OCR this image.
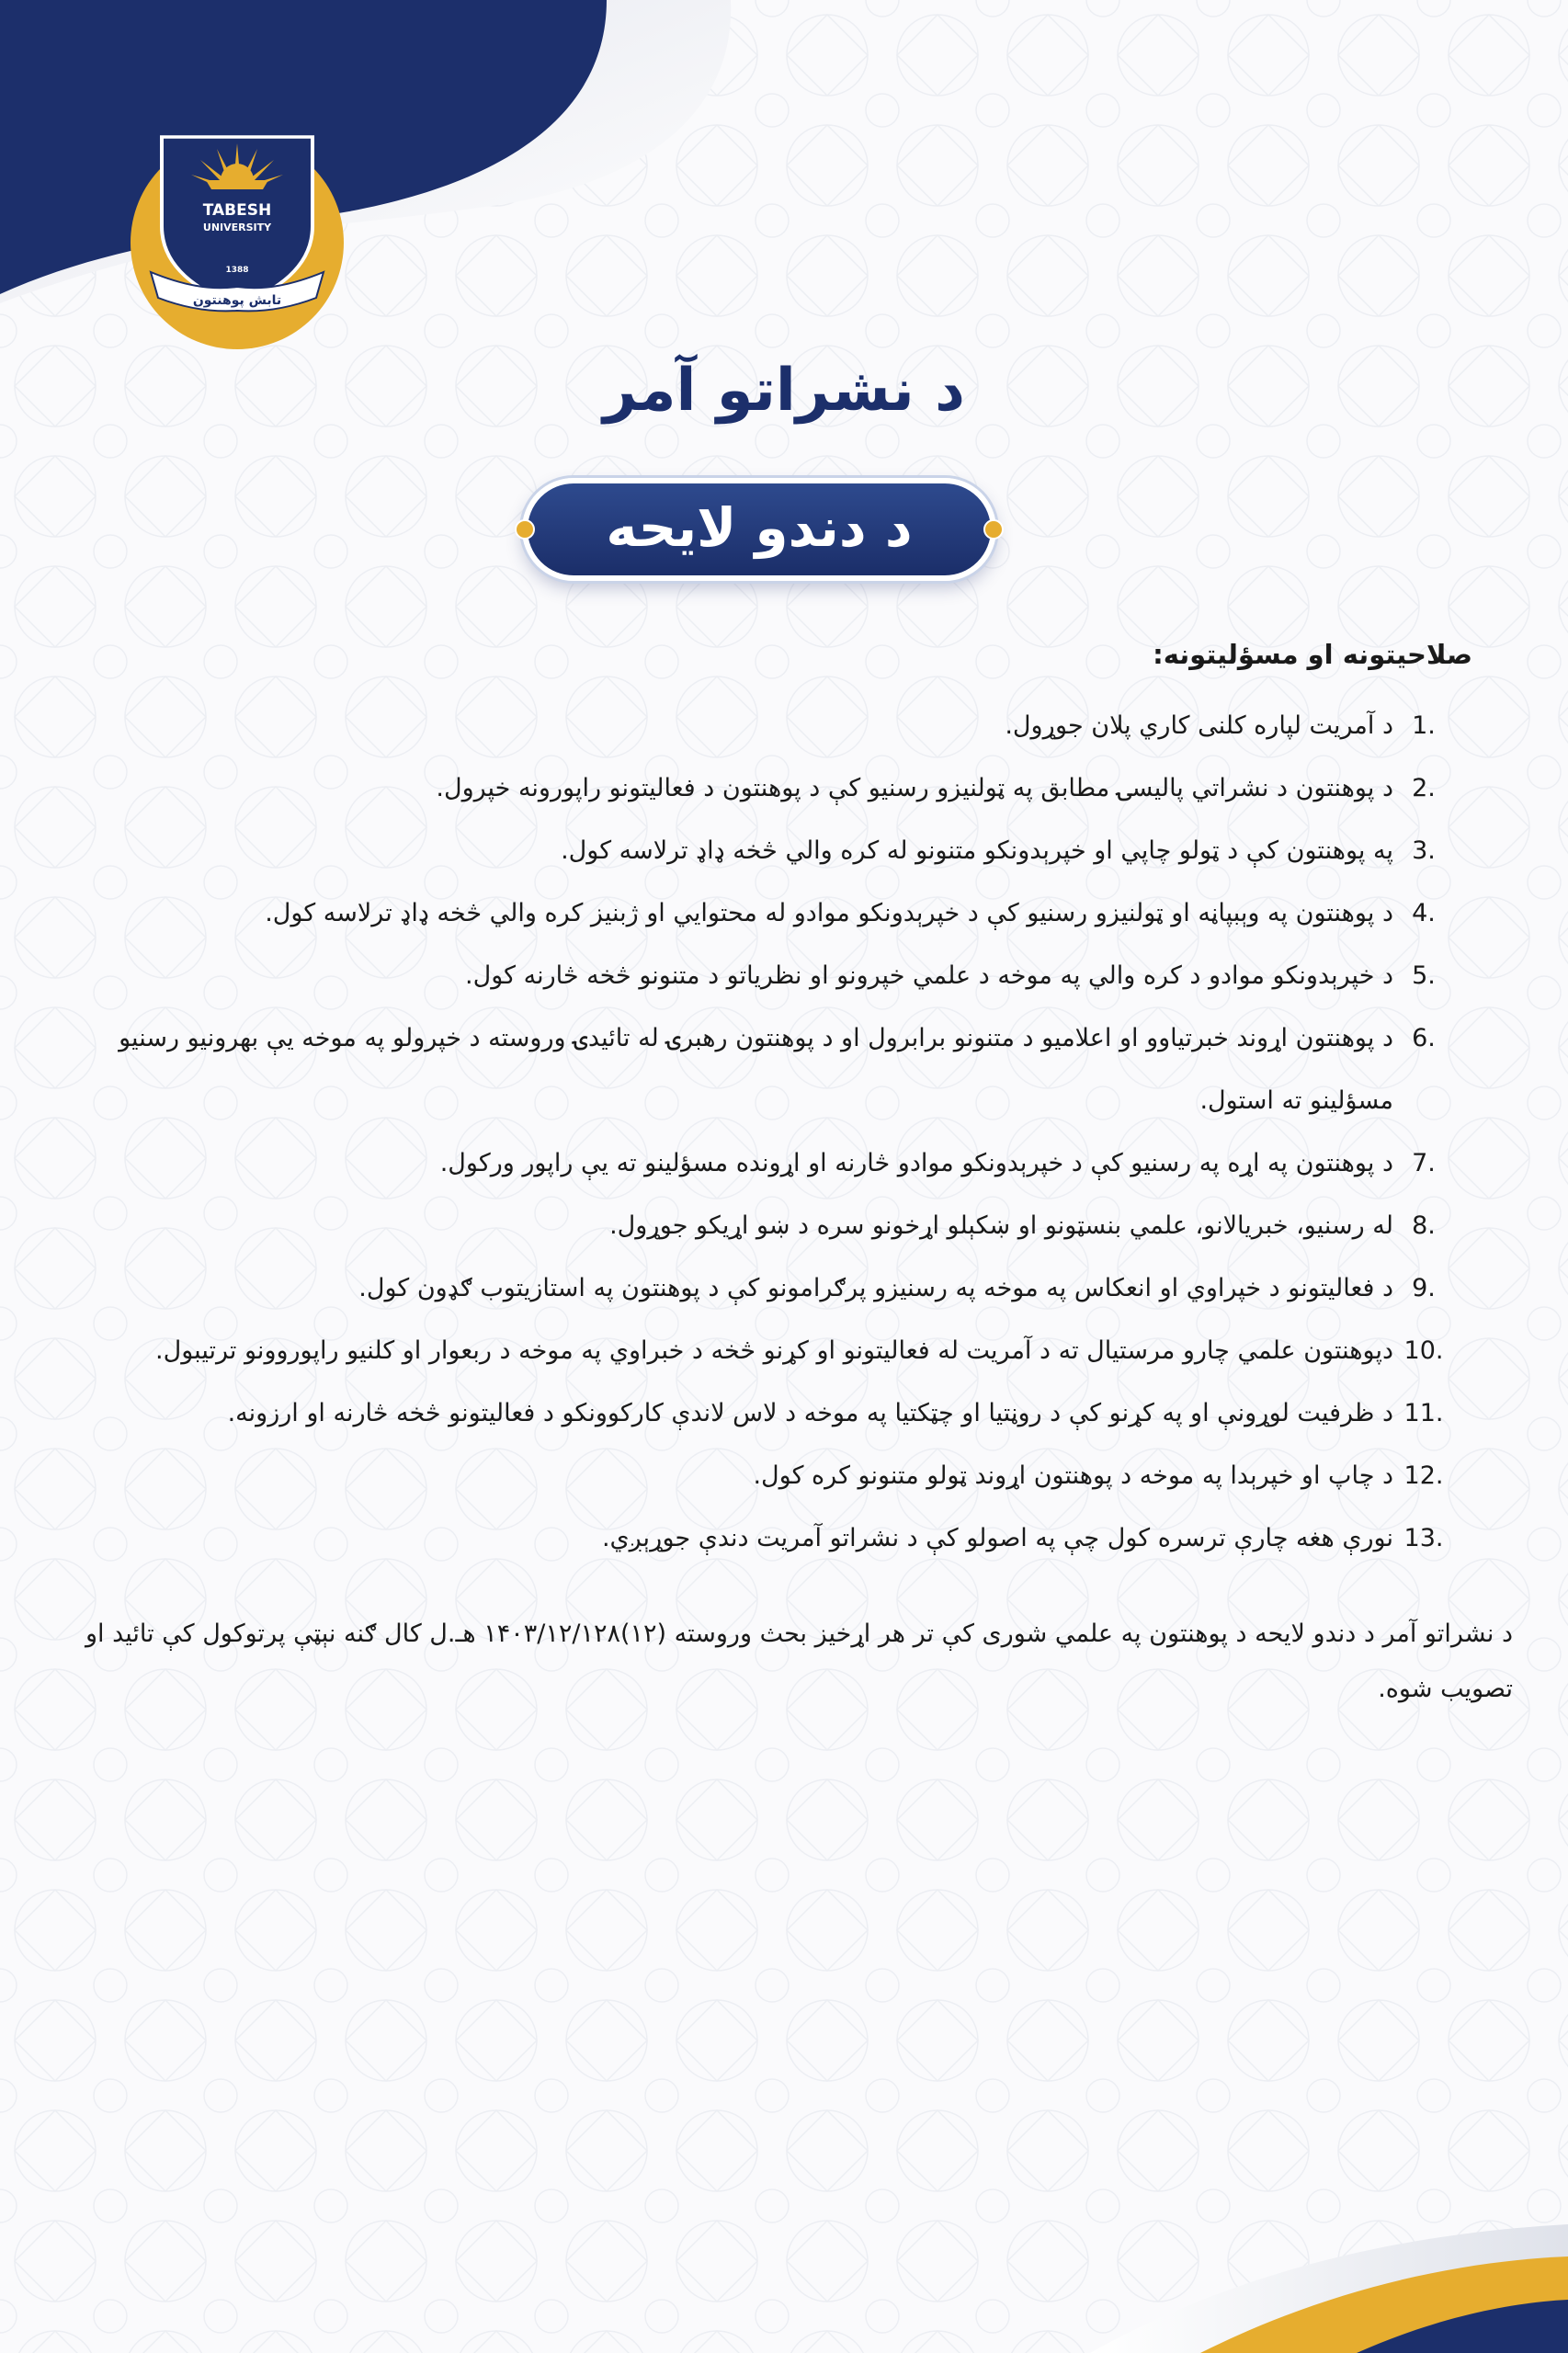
TABESH
UNIVERSITY
1388
تابش پوهنتون
د نشراتو آمر
د دندو لایحه
صلاحیتونه او مسؤلیتونه:
1.
د آمریت لپاره کلنی کاري پلان جوړول.
2.
د پوهنتون د نشراتي پالیسۍ مطابق په ټولنیزو رسنیو کې د پوهنتون د فعالیتونو راپورونه خپرول.
3.
په پوهنتون کې د ټولو چاپي او خپرېدونکو متنونو له کره والي څخه ډاډ ترلاسه کول.
4.
د پوهنتون په وېبپاڼه او ټولنیزو رسنیو کې د خپرېدونکو موادو له محتوایي او ژبنيز کره والي څخه ډاډ ترلاسه کول.
5.
د خپرېدونکو موادو د کره والي په موخه د علمي خپرونو او نظریاتو د متنونو څخه څارنه کول.
6.
د پوهنتون اړوند خبرتیاوو او اعلامیو د متنونو برابرول او د پوهنتون رهبرۍ له تائیدۍ وروسته د خپرولو په موخه یې بهرونیو رسنیو مسؤلینو ته استول.
7.
د پوهنتون په اړه په رسنیو کې د خپرېدونکو موادو څارنه او اړونده مسؤلینو ته یې راپور ورکول.
8.
له رسنیو، خبریالانو، علمي بنسټونو او ښکېلو اړخونو سره د ښو اړیکو جوړول.
9.
د فعالیتونو د خپراوي او انعکاس په موخه په رسنیزو پرګرامونو کې د پوهنتون په استازیتوب ګډون کول.
10.
دپوهنتون علمي چارو مرستیال ته د آمریت له فعالیتونو او کړنو څخه د خبراوي په موخه د ربعوار او کلنیو راپوروونو ترتیبول.
11.
د ظرفیت لوړونې او په کړنو کې د روڼتیا او چټکتیا په موخه د لاس لاندې کارکوونکو د فعالیتونو څخه څارنه او ارزونه.
12.
د چاپ او خپرېدا په موخه د پوهنتون اړوند ټولو متنونو کره کول.
13.
نورې هغه چارې ترسره کول چې په اصولو کې د نشراتو آمریت دندې جوړېږي.
د نشراتو آمر د دندو لایحه د پوهنتون په علمي شورى کې تر هر اړخیز بحث وروسته (۱۲)۱۴۰۳/۱۲/۱۲۸ هـ.ل کال ګنه نېټې پرتوکول کې تائید او تصویب شوه.
